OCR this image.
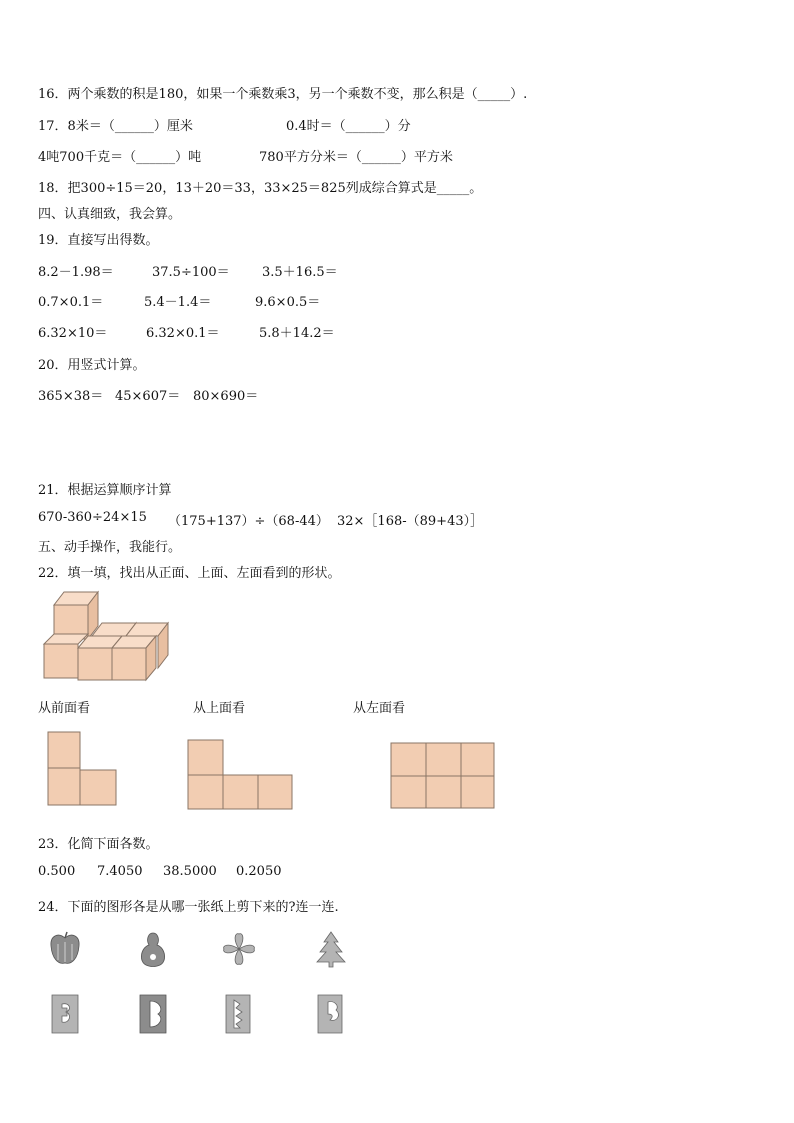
16．两个乘数的积是180，如果一个乘数乘3，另一个乘数不变，那么积是（_____）.
17．8米＝（______）厘米	0.4时＝（______）分
4吨700千克＝（______）吨	780平方分米＝（______）平方米
18．把300÷15＝20，13＋20＝33，33×25＝825列成综合算式是_____。
四、认真细致，我会算。
19．直接写出得数。
8.2－1.98＝	37.5÷100＝ 3.5＋16.5＝
0.7×0.1＝	5.4－1.4＝	9.6×0.5＝
6.32×10＝	6.32×0.1＝	5.8＋14.2＝
20．用竖式计算。
365×38＝ 45×607＝ 80×690＝
21．根据运算顺序计算
670-360÷24×15 （175+137）÷（68-44） 32×［168-（89+43）］
五、动手操作，我能行。
22．填一填，找出从正面、上面、左面看到的形状。
从前面看	从上面看	从左面看
23．化简下面各数。
0.500 7.4050 38.5000 0.2050
24．下面的图形各是从哪一张纸上剪下来的?连一连.
